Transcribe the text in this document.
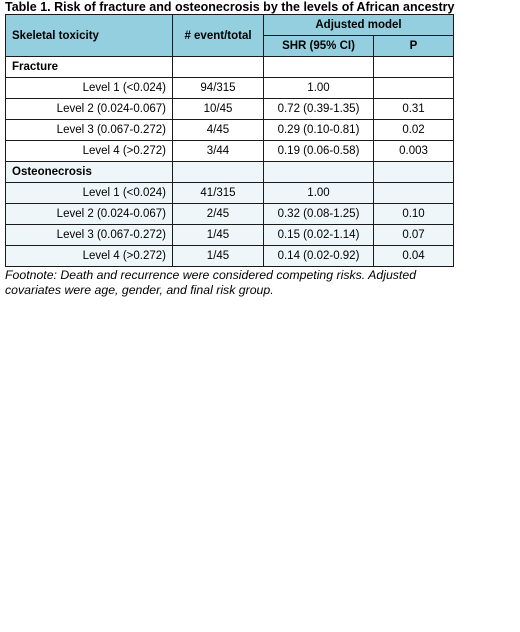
Table 1. Risk of fracture and osteonecrosis by the levels of African ancestry
Skeletal toxicity	# event/total	Adjusted model	
		SHR (95% CI)	P
Fracture			
Level 1 (<0.024)	94/315	1.00	
Level 2 (0.024-0.067)	10/45	0.72 (0.39-1.35)	0.31
Level 3 (0.067-0.272)	4/45	0.29 (0.10-0.81)	0.02
Level 4 (>0.272)	3/44	0.19 (0.06-0.58)	0.003
Osteonecrosis			
Level 1 (<0.024)	41/315	1.00	
Level 2 (0.024-0.067)	2/45	0.32 (0.08-1.25)	0.10
Level 3 (0.067-0.272)	1/45	0.15 (0.02-1.14)	0.07
Level 4 (>0.272)	1/45	0.14 (0.02-0.92)	0.04
Footnote: Death and recurrence were considered competing risks. Adjusted covariates were age, gender, and final risk group.
